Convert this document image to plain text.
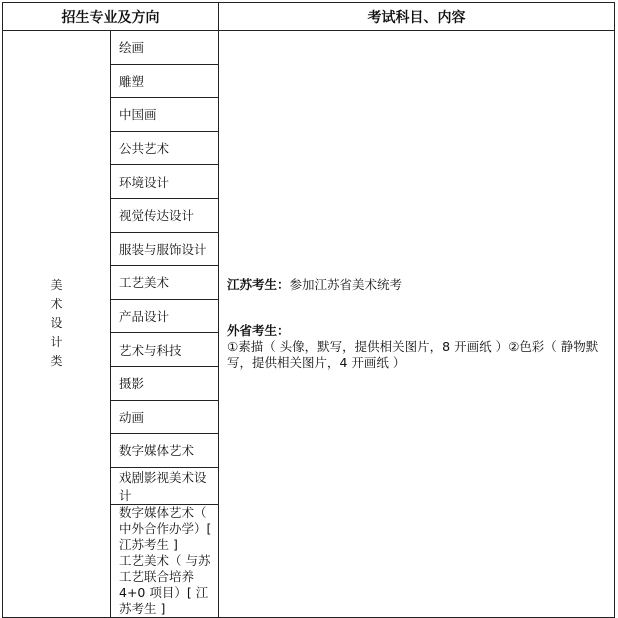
招生专业及方向		考试科目、内容
美术设计类	绘画	江苏考生：参加江苏省美术统考

外省考生：

①素描（ 头像，默写，提供相关图片，8 开画纸 ）②色彩（ 静物默写，提供相关图片，4 开画纸 ）

	雕塑	
	中国画	
	公共艺术	
	环境设计	
	视觉传达设计	
	服装与服饰设计	
	工艺美术	
	产品设计	
	艺术与科技	
	摄影	
	动画	
	数字媒体艺术	
	戏剧影视美术设计	

	数字媒体艺术（ 中外合作办学）[ 江苏考生 ]
工艺美术（ 与苏工艺联合培养 4+0 项目）[ 江苏考生 ]	
